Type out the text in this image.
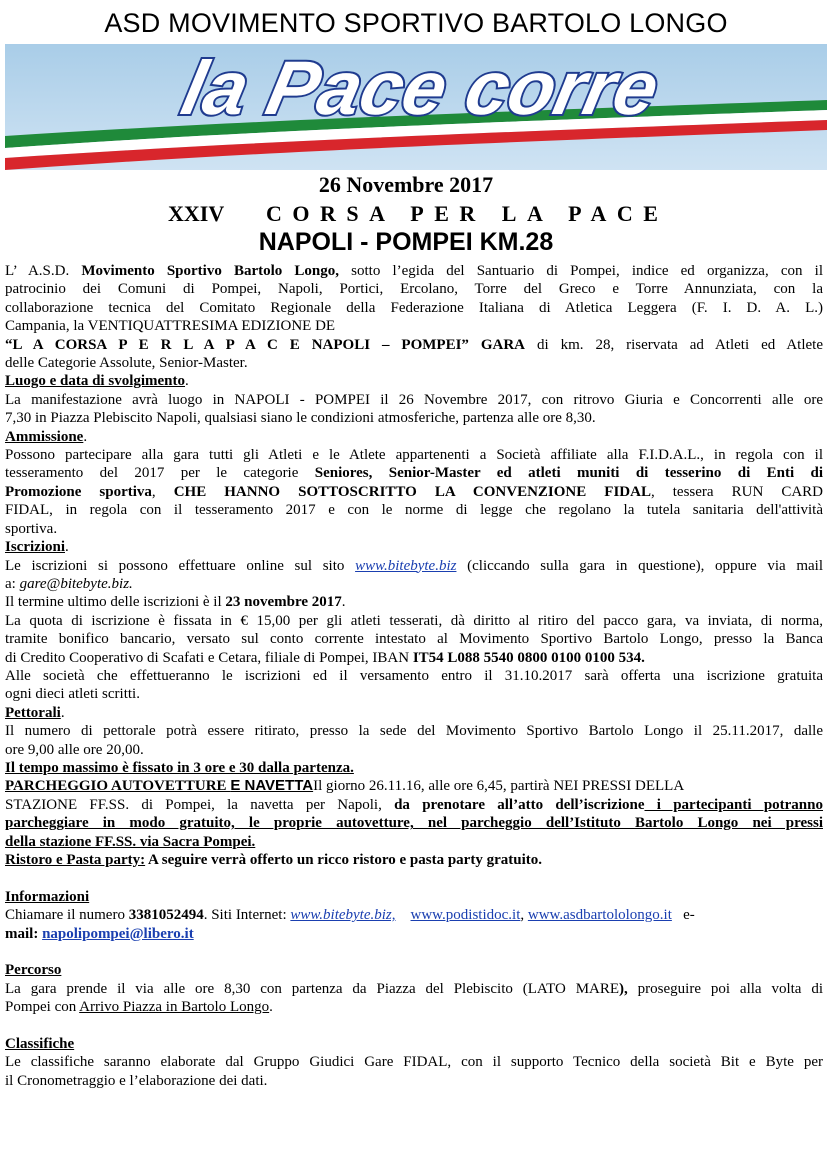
ASD MOVIMENTO SPORTIVO BARTOLO LONGO
la Pace corre
26 Novembre 2017
XXIV CORSA PER LA PACE
NAPOLI - POMPEI KM.28

L’ A.S.D. Movimento Sportivo Bartolo Longo, sotto l’egida del Santuario di Pompei, indice ed organizza, con il

patrocinio dei Comuni di Pompei, Napoli, Portici, Ercolano, Torre del Greco e Torre Annunziata, con la

collaborazione tecnica del Comitato Regionale della Federazione Italiana di Atletica Leggera (F. I. D. A. L.)

Campania, la VENTIQUATTRESIMA EDIZIONE DE

“L A CORSA P E R L A P A C E NAPOLI – POMPEI” GARA di km. 28, riservata ad Atleti ed Atlete

delle Categorie Assolute, Senior-Master.

Luogo e data di svolgimento.

La manifestazione avrà luogo in NAPOLI - POMPEI il 26 Novembre 2017, con ritrovo Giuria e Concorrenti alle ore

7,30 in Piazza Plebiscito Napoli, qualsiasi siano le condizioni atmosferiche, partenza alle ore 8,30.

Ammissione.

Possono partecipare alla gara tutti gli Atleti e le Atlete appartenenti a Società affiliate alla F.I.D.A.L., in regola con il

tesseramento del 2017 per le categorie Seniores, Senior-Master ed atleti muniti di tesserino di Enti di

Promozione sportiva, CHE HANNO SOTTOSCRITTO LA CONVENZIONE FIDAL, tessera RUN CARD

FIDAL, in regola con il tesseramento 2017 e con le norme di legge che regolano la tutela sanitaria dell'attività

sportiva.

Iscrizioni.

Le iscrizioni si possono effettuare online sul sito www.bitebyte.biz (cliccando sulla gara in questione), oppure via mail

a: gare@bitebyte.biz.

Il termine ultimo delle iscrizioni è il 23 novembre 2017.

La quota di iscrizione è fissata in € 15,00 per gli atleti tesserati, dà diritto al ritiro del pacco gara, va inviata, di norma,

tramite bonifico bancario, versato sul conto corrente intestato al Movimento Sportivo Bartolo Longo, presso la Banca

di Credito Cooperativo di Scafati e Cetara, filiale di Pompei, IBAN IT54 L088 5540 0800 0100 0100 534.

Alle società che effettueranno le iscrizioni ed il versamento entro il 31.10.2017 sarà offerta una iscrizione gratuita

ogni dieci atleti scritti.

Pettorali.

Il numero di pettorale potrà essere ritirato, presso la sede del Movimento Sportivo Bartolo Longo il 25.11.2017, dalle

ore 9,00 alle ore 20,00.

Il tempo massimo è fissato in 3 ore e 30 dalla partenza.

PARCHEGGIO AUTOVETTURE E NAVETTAIl giorno 26.11.16, alle ore 6,45, partirà NEI PRESSI DELLA

STAZIONE FF.SS. di Pompei, la navetta per Napoli, da prenotare all’atto dell’iscrizione i partecipanti potranno

parcheggiare in modo gratuito, le proprie autovetture, nel parcheggio dell’Istituto Bartolo Longo nei pressi

della stazione FF.SS. via Sacra Pompei.

Ristoro e Pasta party: A seguire verrà offerto un ricco ristoro e pasta party gratuito.

Informazioni

Chiamare il numero 3381052494. Siti Internet: www.bitebyte.biz, www.podistidoc.it, www.asdbartololongo.it   e-

mail: napolipompei@libero.it

Percorso

La gara prende il via alle ore 8,30 con partenza da Piazza del Plebiscito (LATO MARE), proseguire poi alla volta di

Pompei con Arrivo Piazza in Bartolo Longo.

Classifiche

Le classifiche saranno elaborate dal Gruppo Giudici Gare FIDAL, con il supporto Tecnico della società Bit e Byte per

il Cronometraggio e l’elaborazione dei dati.
